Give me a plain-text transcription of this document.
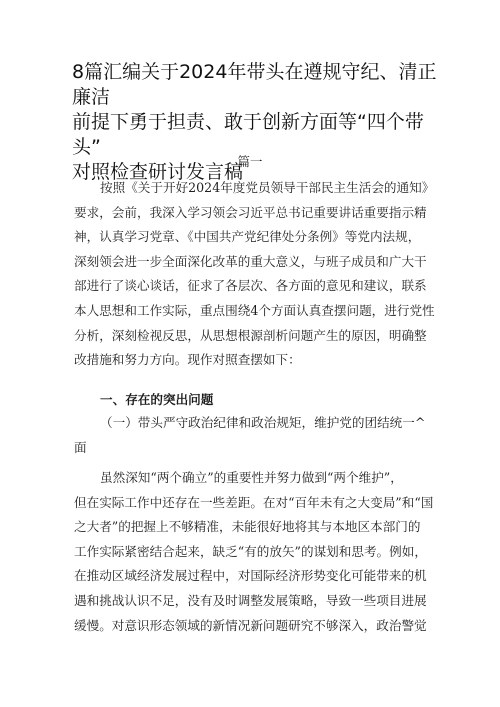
8篇汇编关于2024年带头在遵规守纪、清正廉洁
前提下勇于担责、敢于创新方面等“四个带头”
对照检查研讨发言稿
篇一
按照《关于开好2024年度党员领导干部民主生活会的通知》
要求，会前，我深入学习领会习近平总书记重要讲话重要指示精
神，认真学习党章、《中国共产党纪律处分条例》等党内法规，
深刻领会进一步全面深化改革的重大意义，与班子成员和广大干
部进行了谈心谈话，征求了各层次、各方面的意见和建议，联系
本人思想和工作实际，重点围绕4个方面认真查摆问题，进行党性
分析，深刻检视反思，从思想根源剖析问题产生的原因，明确整
改措施和努力方向。现作对照查摆如下：
一、存在的突出问题
（一）带头严守政治纪律和政治规矩，维护党的团结统一^
面
虽然深知“两个确立”的重要性并努力做到“两个维护”，
但在实际工作中还存在一些差距。在对“百年未有之大变局”和“国
之大者”的把握上不够精准，未能很好地将其与本地区本部门的
工作实际紧密结合起来，缺乏“有的放矢”的谋划和思考。例如，
在推动区域经济发展过程中，对国际经济形势变化可能带来的机
遇和挑战认识不足，没有及时调整发展策略，导致一些项目进展
缓慢。对意识形态领域的新情况新问题研究不够深入，政治警觉
